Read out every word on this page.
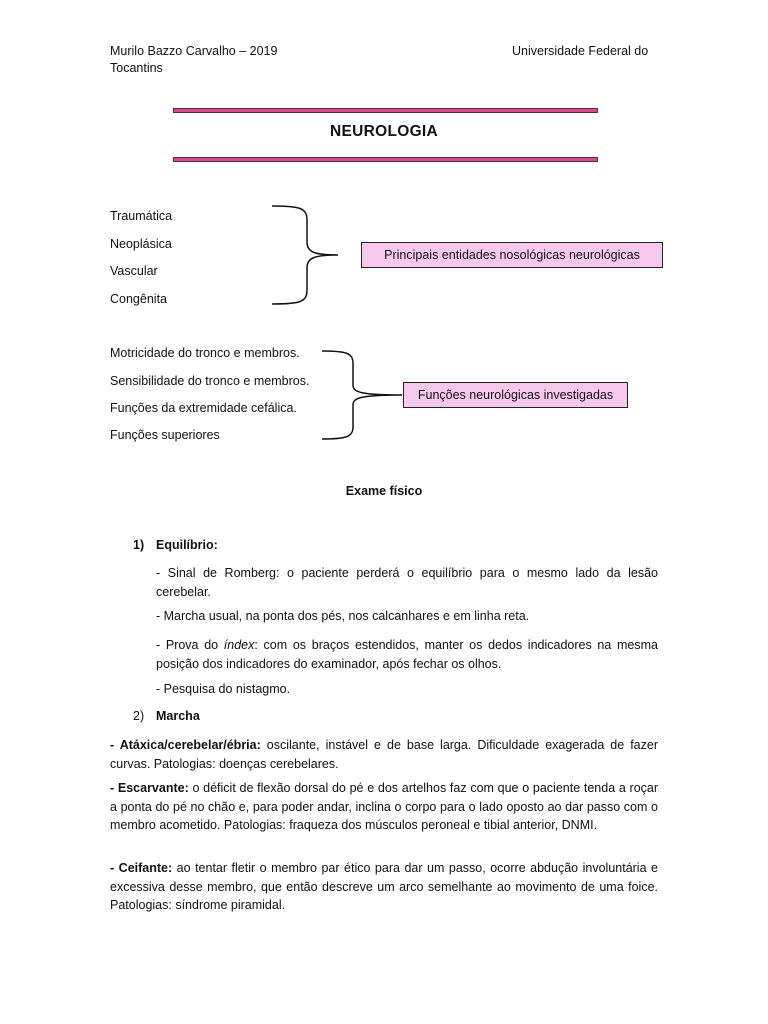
Murilo Bazzo Carvalho – 2019	Universidade Federal do
Tocantins
NEUROLOGIA
Traumática
Neoplásica
Vascular
Congênita
Principais entidades nosológicas neurológicas
Motricidade do tronco e membros.
Sensibilidade do tronco e membros.
Funções da extremidade cefálica.
Funções superiores
Funções neurológicas investigadas
Exame físico
1) Equilíbrio:
- Sinal de Romberg: o paciente perderá o equilíbrio para o mesmo lado da lesão cerebelar.
- Marcha usual, na ponta dos pés, nos calcanhares e em linha reta.
- Prova do índex: com os braços estendidos, manter os dedos indicadores na mesma posição dos indicadores do examinador, após fechar os olhos.
- Pesquisa do nistagmo.
2) Marcha
- Atáxica/cerebelar/ébria: oscilante, instável e de base larga. Dificuldade exagerada de fazer curvas. Patologias: doenças cerebelares.
- Escarvante: o déficit de flexão dorsal do pé e dos artelhos faz com que o paciente tenda a roçar a ponta do pé no chão e, para poder andar, inclina o corpo para o lado oposto ao dar passo com o membro acometido. Patologias: fraqueza dos músculos peroneal e tibial anterior, DNMI.
- Ceifante: ao tentar fletir o membro par ético para dar um passo, ocorre abdução involuntária e excessiva desse membro, que então descreve um arco semelhante ao movimento de uma foice. Patologias: síndrome piramidal.
